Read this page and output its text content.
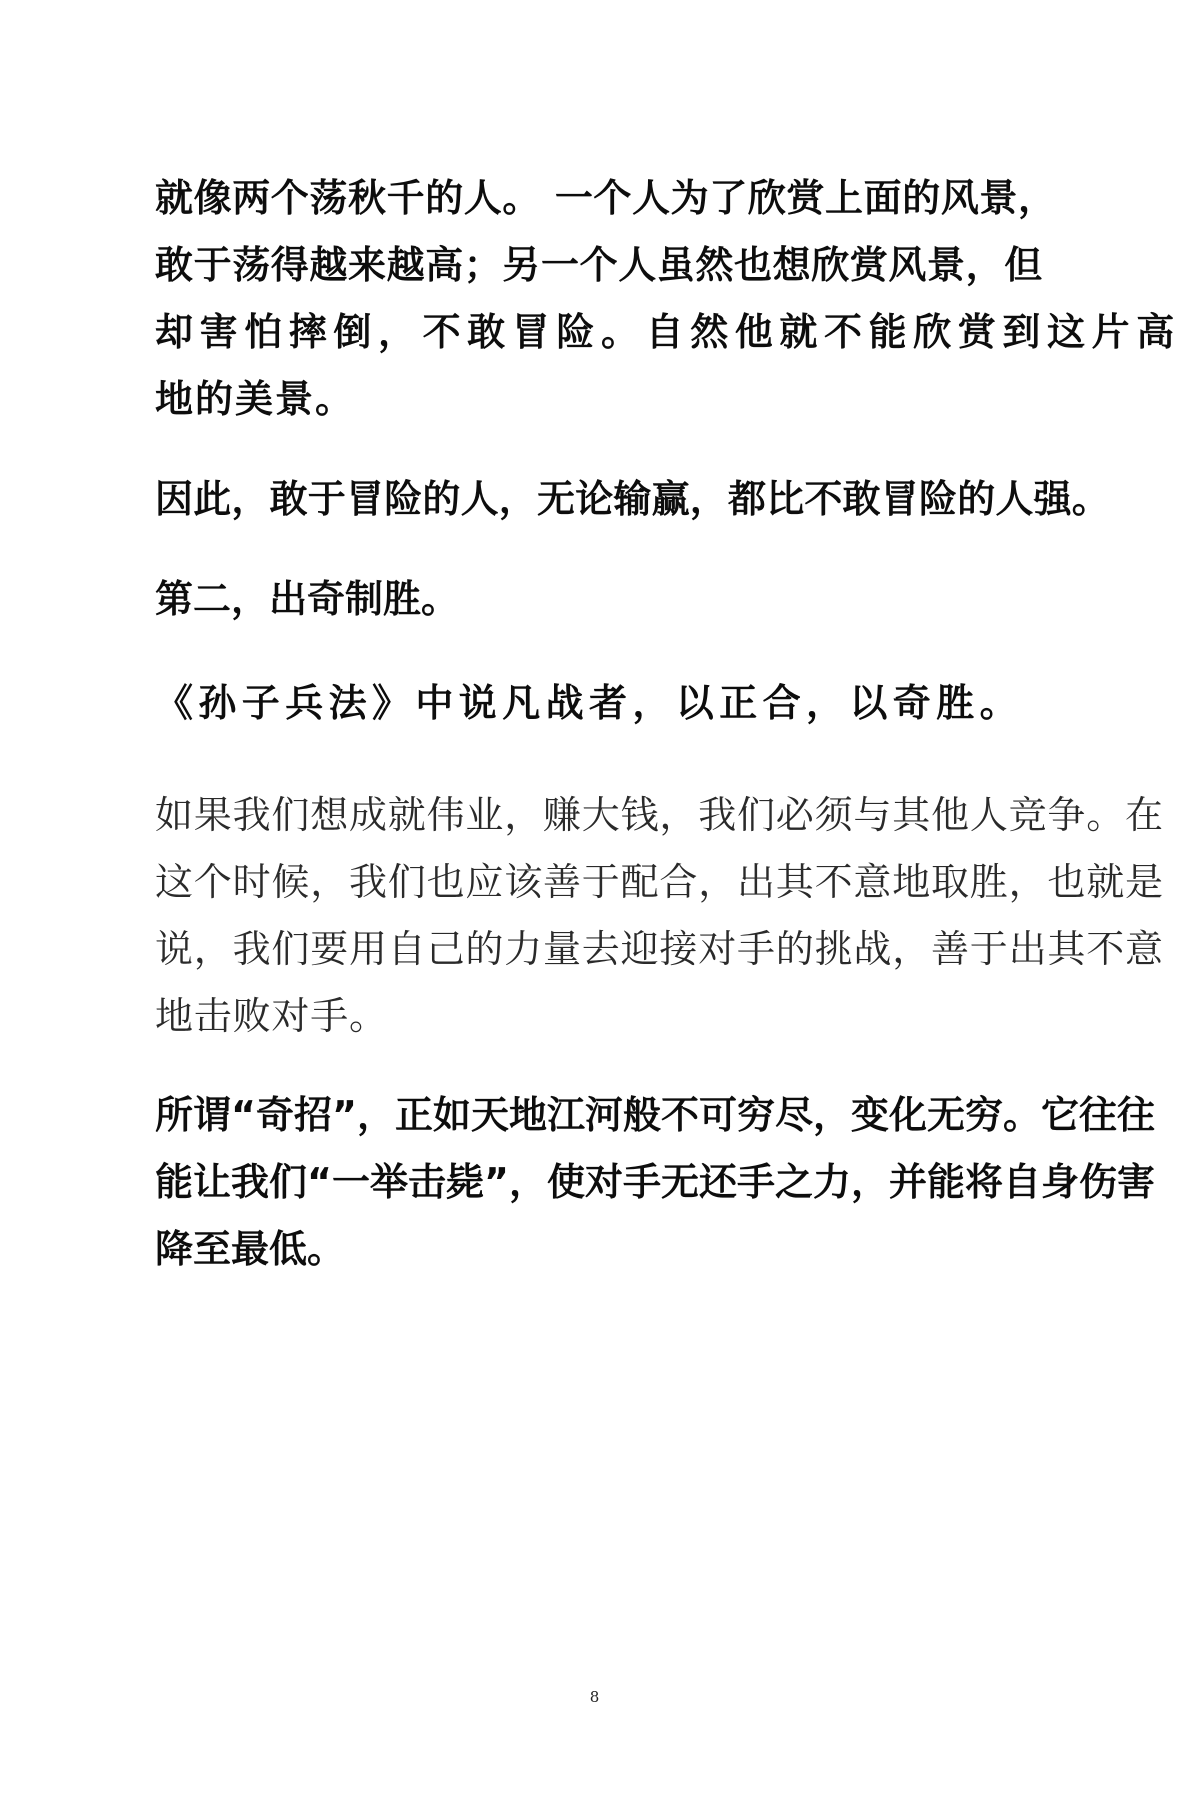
就像两个荡秋千的人。 一个人为了欣赏上面的风景，
敢于荡得越来越高；另一个人虽然也想欣赏风景，但
却害怕摔倒，不敢冒险。自然他就不能欣赏到这片高
地的美景。
因此，敢于冒险的人，无论输赢，都比不敢冒险的人强。
第二，出奇制胜。
《孙子兵法》中说凡战者，以正合，以奇胜。
如果我们想成就伟业，赚大钱，我们必须与其他人竞争。在
这个时候，我们也应该善于配合，出其不意地取胜，也就是
说，我们要用自己的力量去迎接对手的挑战，善于出其不意
地击败对手。
所谓“奇招”，正如天地江河般不可穷尽，变化无穷。它往往
能让我们“一举击毙”，使对手无还手之力，并能将自身伤害
降至最低。
8
